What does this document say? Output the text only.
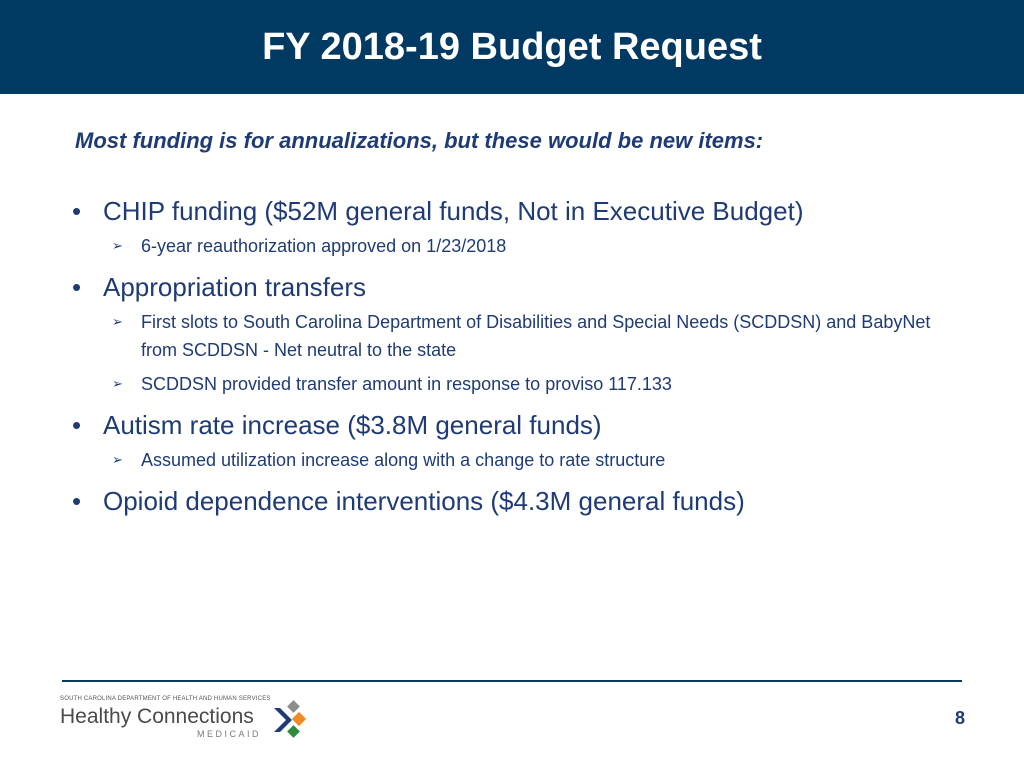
FY 2018-19 Budget Request
Most funding is for annualizations, but these would be new items:
• CHIP funding ($52M general funds, Not in Executive Budget)
➢ 6-year reauthorization approved on 1/23/2018
• Appropriation transfers
➢ First slots to South Carolina Department of Disabilities and Special Needs (SCDDSN) and BabyNet from SCDDSN - Net neutral to the state
➢ SCDDSN provided transfer amount in response to proviso 117.133
• Autism rate increase ($3.8M general funds)
➢ Assumed utilization increase along with a change to rate structure
• Opioid dependence interventions ($4.3M general funds)
SOUTH CAROLINA DEPARTMENT OF HEALTH AND HUMAN SERVICES
Healthy Connections
MEDICAID
8
